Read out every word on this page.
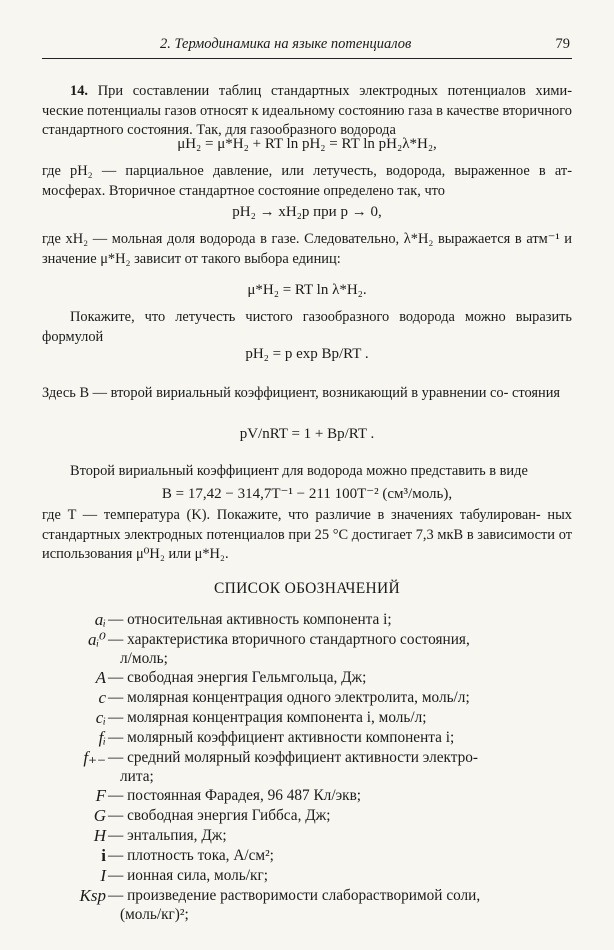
2. Термодинамика на языке потенциалов	79

14. При составлении таблиц стандартных электродных потенциалов хими- ческие потенциалы газов относят к идеальному состоянию газа в качестве вторичного стандартного состояния. Так, для газообразного водорода

μH₂ = μ*H₂ + RT ln pH₂ = RT ln pH₂λ*H₂,

где pH₂ — парциальное давление, или летучесть, водорода, выраженное в ат- мосферах. Вторичное стандартное состояние определено так, что

pH₂ → xH₂p при p → 0,

где xH₂ — мольная доля водорода в газе. Следовательно, λ*H₂ выражается в атм⁻¹ и значение μ*H₂ зависит от такого выбора единиц:

μ*H₂ = RT ln λ*H₂.

Покажите, что летучесть чистого газообразного водорода можно выразить формулой

pH₂ = p exp Bp/RT .

Здесь B — второй вириальный коэффициент, возникающий в уравнении со- стояния

pV/nRT = 1 + Bp/RT .

Второй вириальный коэффициент для водорода можно представить в виде

B = 17,42 − 314,7T⁻¹ − 211 100T⁻² (см³/моль),

где T — температура (K). Покажите, что различие в значениях табулирован- ных стандартных электродных потенциалов при 25 °C достигает 7,3 мкВ в зависимости от использования μ⁰H₂ или μ*H₂.

СПИСОК ОБОЗНАЧЕНИЙ
aᵢ — относительная активность компонента i;
aᵢ⁰ — характеристика вторичного стандартного состояния,
л/моль;
A — свободная энергия Гельмгольца, Дж;
c — молярная концентрация одного электролита, моль/л;
cᵢ — молярная концентрация компонента i, моль/л;
fᵢ — молярный коэффициент активности компонента i;
f₊₋ — средний молярный коэффициент активности электро-
лита;
F — постоянная Фарадея, 96 487 Кл/экв;
G — свободная энергия Гиббса, Дж;
H — энтальпия, Дж;
i — плотность тока, А/см²;
I — ионная сила, моль/кг;
Ksp — произведение растворимости слаборастворимой соли,
(моль/кг)²;
